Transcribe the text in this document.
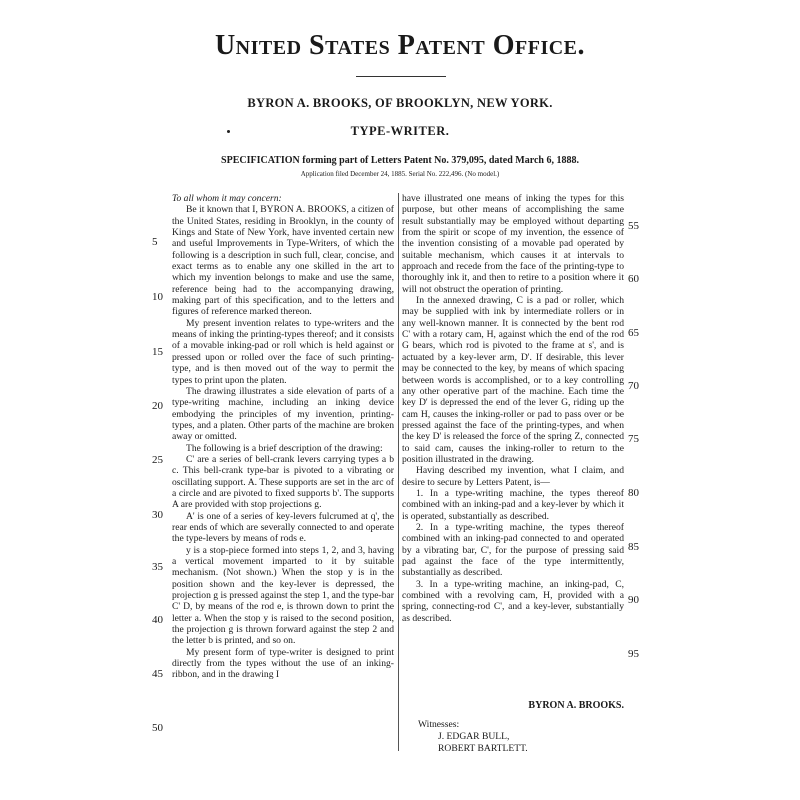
United States Patent Office.
BYRON A. BROOKS, OF BROOKLYN, NEW YORK.
TYPE-WRITER.
SPECIFICATION forming part of Letters Patent No. 379,095, dated March 6, 1888.
Application filed December 24, 1885. Serial No. 222,496. (No model.)

To all whom it may concern:

Be it known that I, BYRON A. BROOKS, a citizen of the United States, residing in Brooklyn, in the county of Kings and State of New York, have invented certain new and useful Improvements in Type-Writers, of which the following is a description in such full, clear, concise, and exact terms as to enable any one skilled in the art to which my invention belongs to make and use the same, reference being had to the accompanying drawing, making part of this specification, and to the letters and figures of reference marked thereon.

My present invention relates to type-writers and the means of inking the printing-types thereof; and it consists of a movable inking-pad or roll which is held against or pressed upon or rolled over the face of such printing-type, and is then moved out of the way to permit the types to print upon the platen.

The drawing illustrates a side elevation of parts of a type-writing machine, including an inking device embodying the principles of my invention, printing-types, and a platen. Other parts of the machine are broken away or omitted.

The following is a brief description of the drawing:

C' are a series of bell-crank levers carrying types a b c. This bell-crank type-bar is pivoted to a vibrating or oscillating support. A. These supports are set in the arc of a circle and are pivoted to fixed supports b'. The supports A are provided with stop projections g.

A' is one of a series of key-levers fulcrumed at q', the rear ends of which are severally connected to and operate the type-levers by means of rods e.

y is a stop-piece formed into steps 1, 2, and 3, having a vertical movement imparted to it by suitable mechanism. (Not shown.) When the stop y is in the position shown and the key-lever is depressed, the projection g is pressed against the step 1, and the type-bar C' D, by means of the rod e, is thrown down to print the letter a. When the stop y is raised to the second position, the projection g is thrown forward against the step 2 and the letter b is printed, and so on.

My present form of type-writer is designed to print directly from the types without the use of an inking-ribbon, and in the drawing I

have illustrated one means of inking the types for this purpose, but other means of accomplishing the same result substantially may be employed without departing from the spirit or scope of my invention, the essence of the invention consisting of a movable pad operated by suitable mechanism, which causes it at intervals to approach and recede from the face of the printing-type to thoroughly ink it, and then to retire to a position where it will not obstruct the operation of printing.

In the annexed drawing, C is a pad or roller, which may be supplied with ink by intermediate rollers or in any well-known manner. It is connected by the bent rod C' with a rotary cam, H, against which the end of the rod G bears, which rod is pivoted to the frame at s', and is actuated by a key-lever arm, D'. If desirable, this lever may be connected to the key, by means of which spacing between words is accomplished, or to a key controlling any other operative part of the machine. Each time the key D' is depressed the end of the lever G, riding up the cam H, causes the inking-roller or pad to pass over or be pressed against the face of the printing-types, and when the key D' is released the force of the spring Z, connected to said cam, causes the inking-roller to return to the position illustrated in the drawing.

Having described my invention, what I claim, and desire to secure by Letters Patent, is—

1. In a type-writing machine, the types thereof combined with an inking-pad and a key-lever by which it is operated, substantially as described.

2. In a type-writing machine, the types thereof combined with an inking-pad connected to and operated by a vibrating bar, C', for the purpose of pressing said pad against the face of the type intermittently, substantially as described.

3. In a type-writing machine, an inking-pad, C, combined with a revolving cam, H, provided with a spring, connecting-rod C', and a key-lever, substantially as described.

5
10
15
20
25
30
35
40
45
50
55
60
65
70
75
80
85
90
95
BYRON A. BROOKS.
Witnesses:
J. EDGAR BULL,
ROBERT BARTLETT.
